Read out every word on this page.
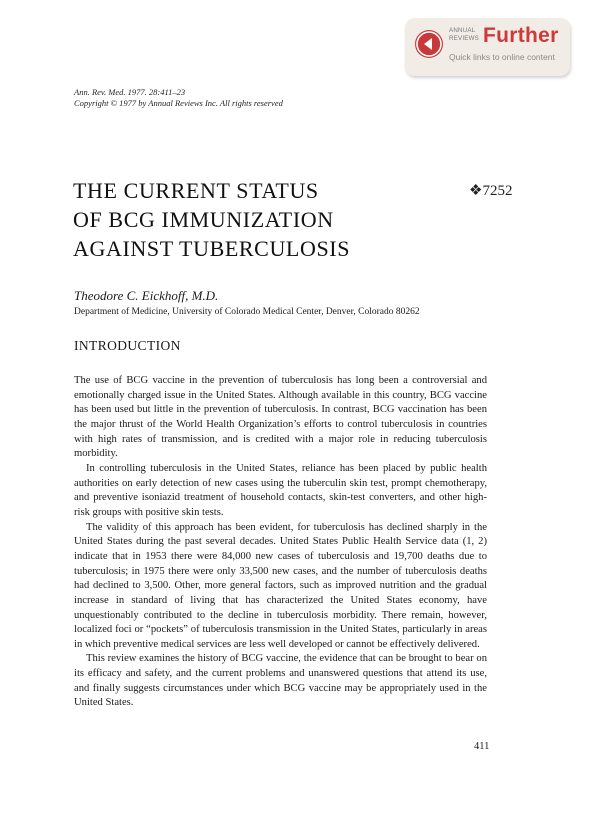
ANNUAL
REVIEWS Further
Quick links to online content
Ann. Rev. Med. 1977. 28:411–23
Copyright © 1977 by Annual Reviews Inc. All rights reserved
THE CURRENT STATUS
OF BCG IMMUNIZATION
AGAINST TUBERCULOSIS
❖7252
Theodore C. Eickhoff, M.D.
Department of Medicine, University of Colorado Medical Center, Denver, Colorado 80262
INTRODUCTION

The use of BCG vaccine in the prevention of tuberculosis has long been a controversial and emotionally charged issue in the United States. Although available in this country, BCG vaccine has been used but little in the prevention of tuberculosis. In contrast, BCG vaccination has been the major thrust of the World Health Organization’s efforts to control tuberculosis in countries with high rates of transmission, and is credited with a major role in reducing tuberculosis morbidity.

In controlling tuberculosis in the United States, reliance has been placed by public health authorities on early detection of new cases using the tuberculin skin test, prompt chemotherapy, and preventive isoniazid treatment of household contacts, skin-test converters, and other high-risk groups with positive skin tests.

The validity of this approach has been evident, for tuberculosis has declined sharply in the United States during the past several decades. United States Public Health Service data (1, 2) indicate that in 1953 there were 84,000 new cases of tuberculosis and 19,700 deaths due to tuberculosis; in 1975 there were only 33,500 new cases, and the number of tuberculosis deaths had declined to 3,500. Other, more general factors, such as improved nutrition and the gradual increase in standard of living that has characterized the United States economy, have unquestionably contributed to the decline in tuberculosis morbidity. There remain, however, localized foci or “pockets” of tuberculosis transmission in the United States, particularly in areas in which preventive medical services are less well developed or cannot be effectively delivered.

This review examines the history of BCG vaccine, the evidence that can be brought to bear on its efficacy and safety, and the current problems and unanswered questions that attend its use, and finally suggests circumstances under which BCG vaccine may be appropriately used in the United States.

411
